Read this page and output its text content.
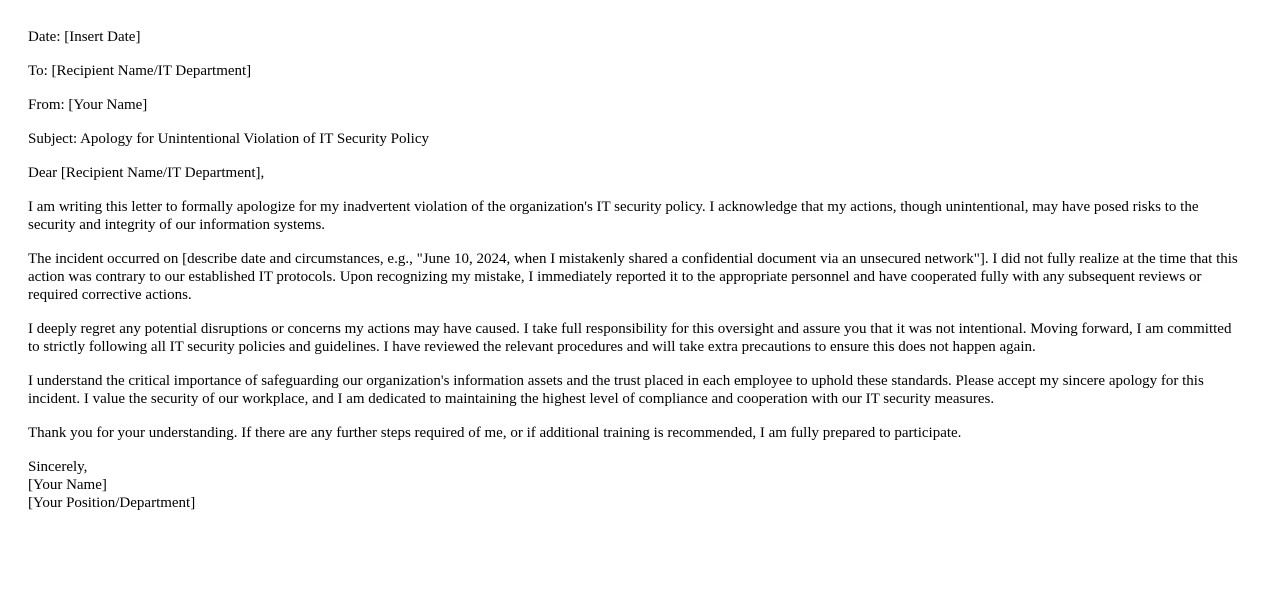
Date: [Insert Date]

To: [Recipient Name/IT Department]

From: [Your Name]

Subject: Apology for Unintentional Violation of IT Security Policy

Dear [Recipient Name/IT Department],

I am writing this letter to formally apologize for my inadvertent violation of the organization's IT security policy. I acknowledge that my actions, though unintentional, may have posed risks to the security and integrity of our information systems.

The incident occurred on [describe date and circumstances, e.g., "June 10, 2024, when I mistakenly shared a confidential document via an unsecured network"]. I did not fully realize at the time that this action was contrary to our established IT protocols. Upon recognizing my mistake, I immediately reported it to the appropriate personnel and have cooperated fully with any subsequent reviews or required corrective actions.

I deeply regret any potential disruptions or concerns my actions may have caused. I take full responsibility for this oversight and assure you that it was not intentional. Moving forward, I am committed to strictly following all IT security policies and guidelines. I have reviewed the relevant procedures and will take extra precautions to ensure this does not happen again.

I understand the critical importance of safeguarding our organization's information assets and the trust placed in each employee to uphold these standards. Please accept my sincere apology for this incident. I value the security of our workplace, and I am dedicated to maintaining the highest level of compliance and cooperation with our IT security measures.

Thank you for your understanding. If there are any further steps required of me, or if additional training is recommended, I am fully prepared to participate.

Sincerely,

[Your Name]

[Your Position/Department]
